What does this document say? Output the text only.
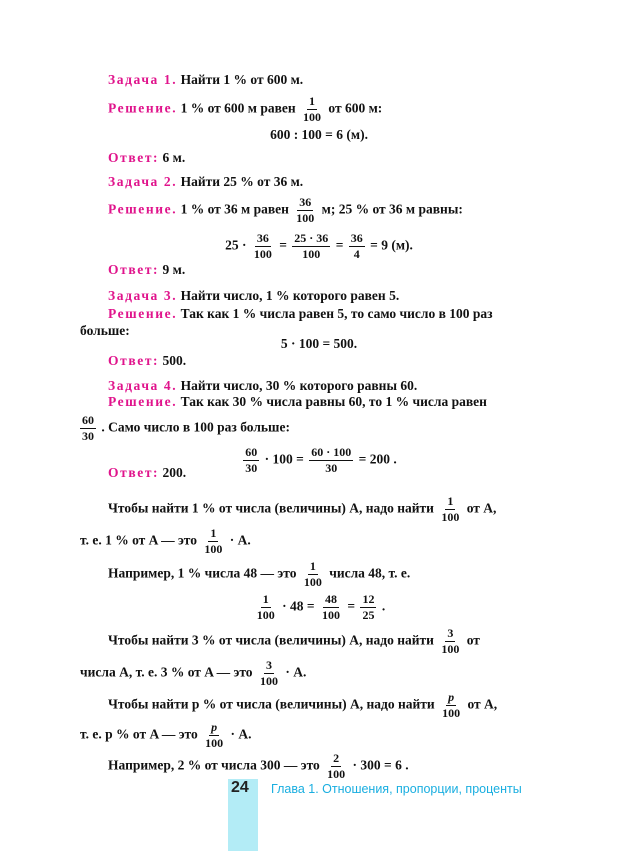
Задача 1. Найти 1 % от 600 м.
Решение. 1 % от 600 м равен $\frac{1}{100}$ от 600 м:
600 : 100 = 6 (м).
Ответ: 6 м.
Задача 2. Найти 25 % от 36 м.
Решение. 1 % от 36 м равен $\frac{36}{100} м$; 25 % от 36 м равны:
$25 \cdot \frac{36}{100} = \frac{25 \cdot 36}{100} = \frac{36}{4} = 9$ (м).
Ответ: 9 м.
Задача 3. Найти число, 1 % которого равен 5.
Решение. Так как 1 % числа равен 5, то само число в 100 раз
больше:
5 · 100 = 500.
Ответ: 500.
Задача 4. Найти число, 30 % которого равны 60.
Решение. Так как 30 % числа равны 60, то 1 % числа равен
$\frac{60}{30}$ . Само число в 100 раз больше:
$\frac{60}{30} \cdot 100 = \frac{60 \cdot 100}{30} = 200$ .
Ответ: 200.
Чтобы найти 1 % от числа (величины) A, надо найти $\frac{1}{100}$ от A,
т. е. 1 % от A — это $\frac{1}{100} \cdot A$.
Например, 1 % числа 48 — это $\frac{1}{100}$ числа 48, т. е.
$\frac{1}{100} \cdot 48 = \frac{48}{100} = \frac{12}{25}$ .
Чтобы найти 3 % от числа (величины) A, надо найти $\frac{3}{100}$ от
числа A, т. е. 3 % от A — это $\frac{3}{100} \cdot A$.
Чтобы найти p % от числа (величины) A, надо найти $\frac{p}{100}$ от A,
т. е. p % от A — это $\frac{p}{100} \cdot A$.
Например, 2 % от числа 300 — это $\frac{2}{100} \cdot 300 = 6$ .
24 Глава 1. Отношения, пропорции, проценты
